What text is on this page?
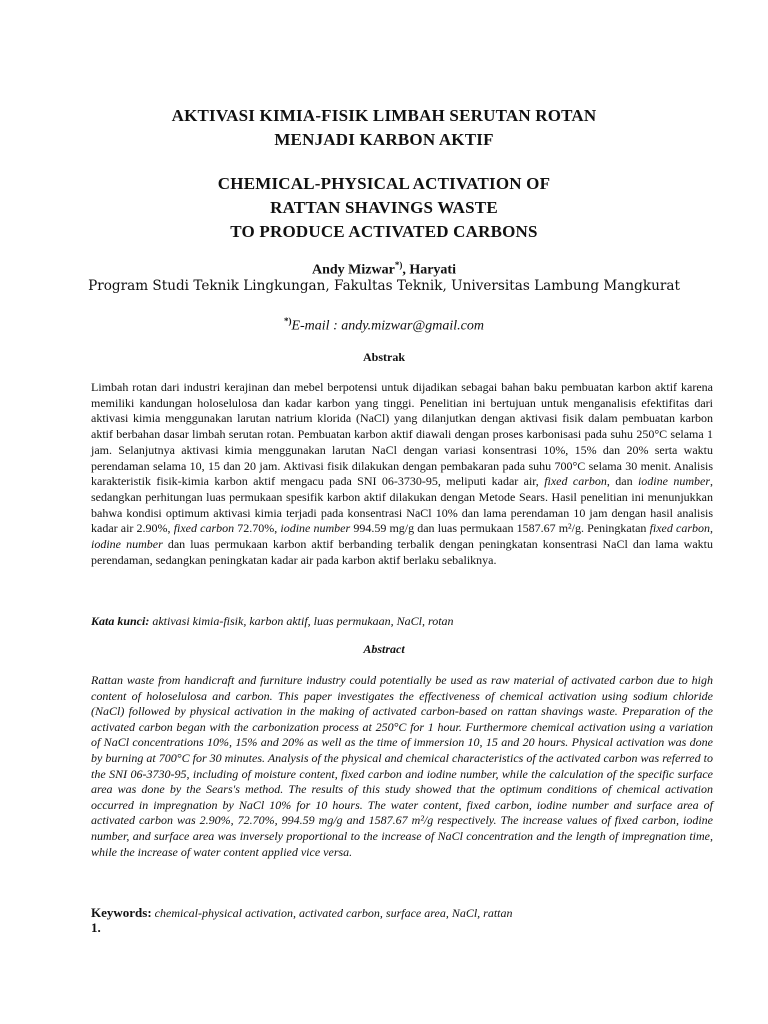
AKTIVASI KIMIA-FISIK LIMBAH SERUTAN ROTAN
MENJADI KARBON AKTIF
CHEMICAL-PHYSICAL ACTIVATION OF
RATTAN SHAVINGS WASTE
TO PRODUCE ACTIVATED CARBONS
Andy Mizwar*), Haryati
Program Studi Teknik Lingkungan, Fakultas Teknik, Universitas Lambung Mangkurat
*)E-mail : andy.mizwar@gmail.com
Abstrak
Limbah rotan dari industri kerajinan dan mebel berpotensi untuk dijadikan sebagai bahan baku pembuatan karbon aktif karena memiliki kandungan holoselulosa dan kadar karbon yang tinggi. Penelitian ini bertujuan untuk menganalisis efektifitas dari aktivasi kimia menggunakan larutan natrium klorida (NaCl) yang dilanjutkan dengan aktivasi fisik dalam pembuatan karbon aktif berbahan dasar limbah serutan rotan. Pembuatan karbon aktif diawali dengan proses karbonisasi pada suhu 250°C selama 1 jam. Selanjutnya aktivasi kimia menggunakan larutan NaCl dengan variasi konsentrasi 10%, 15% dan 20% serta waktu perendaman selama 10, 15 dan 20 jam. Aktivasi fisik dilakukan dengan pembakaran pada suhu 700°C selama 30 menit. Analisis karakteristik fisik-kimia karbon aktif mengacu pada SNI 06-3730-95, meliputi kadar air, fixed carbon, dan iodine number, sedangkan perhitungan luas permukaan spesifik karbon aktif dilakukan dengan Metode Sears. Hasil penelitian ini menunjukkan bahwa kondisi optimum aktivasi kimia terjadi pada konsentrasi NaCl 10% dan lama perendaman 10 jam dengan hasil analisis kadar air 2.90%, fixed carbon 72.70%, iodine number 994.59 mg/g dan luas permukaan 1587.67 m²/g. Peningkatan fixed carbon, iodine number dan luas permukaan karbon aktif berbanding terbalik dengan peningkatan konsentrasi NaCl dan lama waktu perendaman, sedangkan peningkatan kadar air pada karbon aktif berlaku sebaliknya.
Kata kunci: aktivasi kimia-fisik, karbon aktif, luas permukaan, NaCl, rotan
Abstract
Rattan waste from handicraft and furniture industry could potentially be used as raw material of activated carbon due to high content of holoselulosa and carbon. This paper investigates the effectiveness of chemical activation using sodium chloride (NaCl) followed by physical activation in the making of activated carbon-based on rattan shavings waste. Preparation of the activated carbon began with the carbonization process at 250°C for 1 hour. Furthermore chemical activation using a variation of NaCl concentrations 10%, 15% and 20% as well as the time of immersion 10, 15 and 20 hours. Physical activation was done by burning at 700°C for 30 minutes. Analysis of the physical and chemical characteristics of the activated carbon was referred to the SNI 06-3730-95, including of moisture content, fixed carbon and iodine number, while the calculation of the specific surface area was done by the Sears's method. The results of this study showed that the optimum conditions of chemical activation occurred in impregnation by NaCl 10% for 10 hours. The water content, fixed carbon, iodine number and surface area of activated carbon was 2.90%, 72.70%, 994.59 mg/g and 1587.67 m²/g respectively. The increase values of fixed carbon, iodine number, and surface area was inversely proportional to the increase of NaCl concentration and the length of impregnation time, while the increase of water content applied vice versa.
Keywords: chemical-physical activation, activated carbon, surface area, NaCl, rattan
1.
